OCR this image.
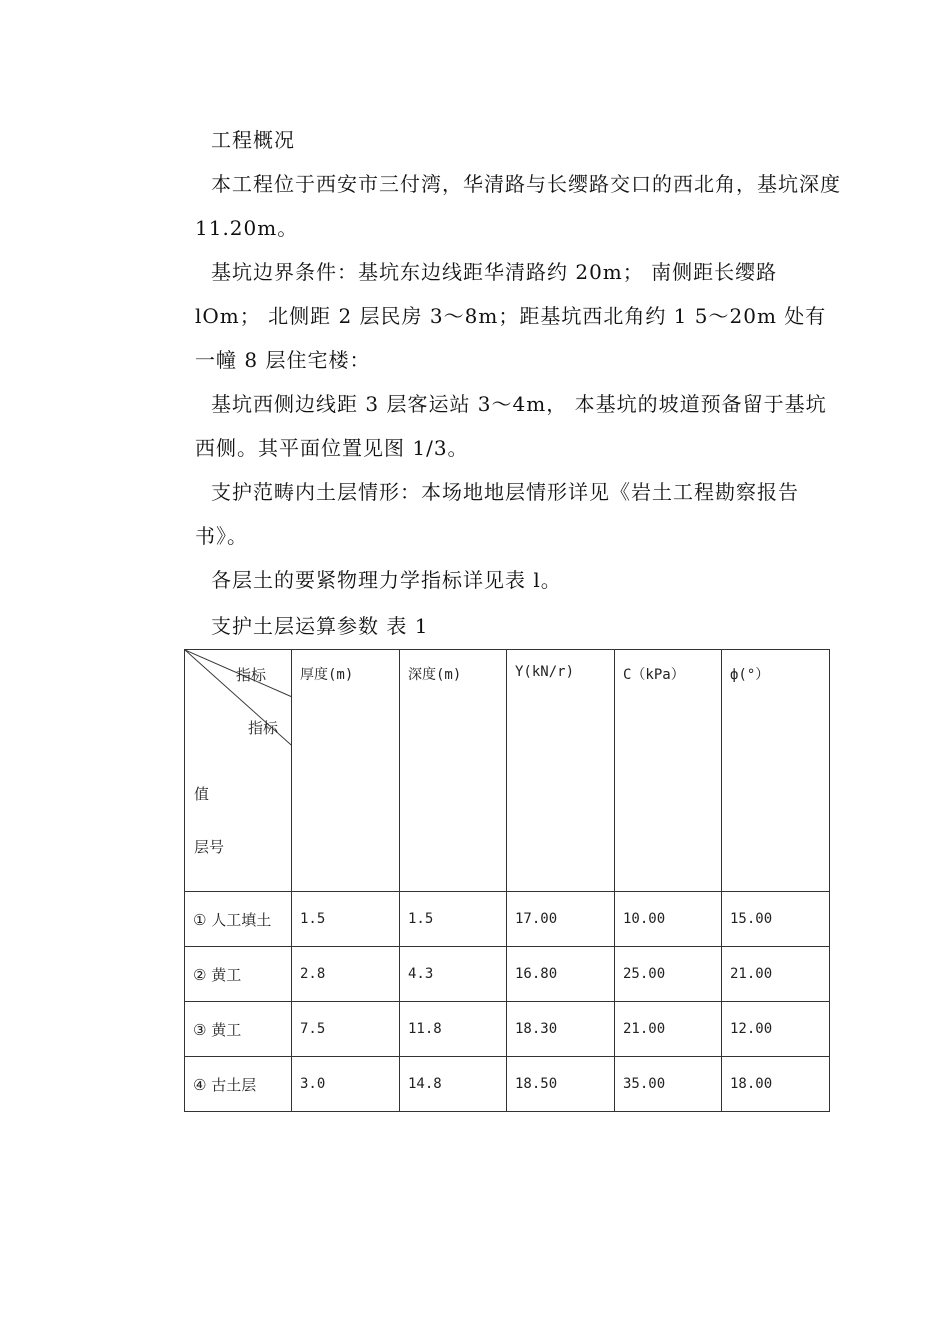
工程概况

本工程位于西安市三付湾，华清路与长缨路交口的西北角，基坑深度 11.20m。

基坑边界条件：基坑东边线距华清路约 20m； 南侧距长缨路 lOm； 北侧距 2 层民房 3～8m；距基坑西北角约 1 5～20m 处有一幢 8 层住宅楼：

基坑西侧边线距 3 层客运站 3～4m， 本基坑的坡道预备留于基坑西侧。其平面位置见图 1/3。

支护范畴内土层情形：本场地地层情形详见《岩土工程勘察报告书》。

各层土的要紧物理力学指标详见表 l。

支护土层运算参数 表 1

指标
指标
值
层号	厚度(m)	深度(m)	Y(kN/r)	C（kPa）	ф(°）
① 人工填土	1.5	1.5	17.00	10.00	15.00
② 黄工	2.8	4.3	16.80	25.00	21.00
③ 黄工	7.5	11.8	18.30	21.00	12.00
④ 古土层	3.0	14.8	18.50	35.00	18.00
